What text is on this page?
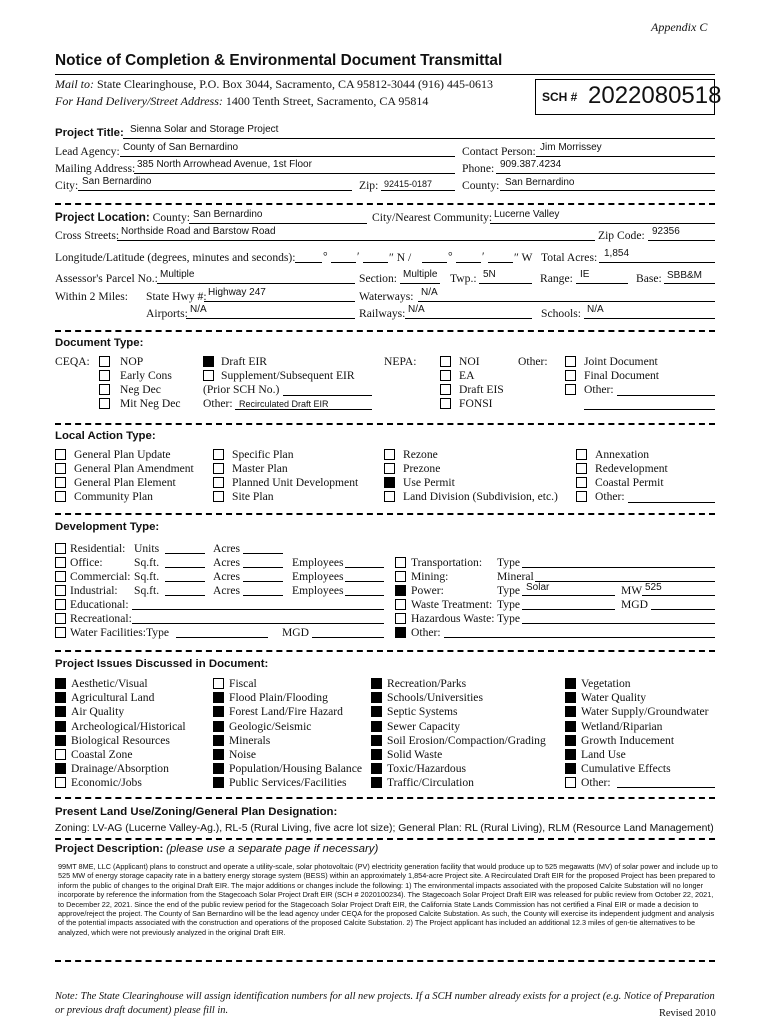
Appendix C
Notice of Completion & Environmental Document Transmittal
Mail to: State Clearinghouse, P.O. Box 3044, Sacramento, CA 95812-3044 (916) 445-0613
For Hand Delivery/Street Address: 1400 Tenth Street, Sacramento, CA 95814	SCH # 2022080518
Project Title: Sienna Solar and Storage Project
Lead Agency: County of San Bernardino	Contact Person: Jim Morrissey
Mailing Address: 385 North Arrowhead Avenue, 1st Floor	Phone: 909.387.4234
City: San Bernardino	Zip: 92415-0187	County: San Bernardino
Project Location: County: San Bernardino	City/Nearest Community: Lucerne Valley
Cross Streets: Northside Road and Barstow Road	Zip Code: 92356
Longitude/Latitude (degrees, minutes and seconds): °	′	″ N /	°	′	″ W Total Acres: 1,854
Assessor's Parcel No.: Multiple	Section: Multiple Twp.: 5N	Range: IE	Base: SBB&M
Within 2 Miles: State Hwy #: Highway 247	Waterways: N/A
Airports: N/A	Railways: N/A	Schools: N/A
Document Type:
CEQA:	NOP
Early Cons
Neg Dec
Mit Neg Dec
Draft EIR
Supplement/Subsequent EIR
(Prior SCH No.)
Other: Recirculated Draft EIR
NEPA:	NOI
EA
Draft EIS
FONSI
Other:	Joint Document
Final Document
Other:
Local Action Type:
General Plan Update
General Plan Amendment
General Plan Element
Community Plan
Specific Plan
Master Plan
Planned Unit Development
Site Plan
Rezone
Prezone
Use Permit
Land Division (Subdivision, etc.)
Annexation
Redevelopment
Coastal Permit
Other:
Development Type:
Residential: Units	Acres
Office:	Sq.ft.	Acres	Employees
Commercial: Sq.ft.	Acres	Employees
Industrial: Sq.ft.	Acres	Employees
Educational:
Recreational:
Water Facilities:Type	MGD
Transportation: Type
Mining:	Mineral
Power:	Type Solar	MW 525
Waste Treatment: Type	MGD
Hazardous Waste: Type
Other:
Project Issues Discussed in Document:
Aesthetic/Visual
Agricultural Land
Air Quality
Archeological/Historical
Biological Resources
Coastal Zone
Drainage/Absorption
Economic/Jobs
Fiscal
Flood Plain/Flooding
Forest Land/Fire Hazard
Geologic/Seismic
Minerals
Noise
Population/Housing Balance
Public Services/Facilities
Recreation/Parks
Schools/Universities
Septic Systems
Sewer Capacity
Soil Erosion/Compaction/Grading
Solid Waste
Toxic/Hazardous
Traffic/Circulation
Vegetation
Water Quality
Water Supply/Groundwater
Wetland/Riparian
Growth Inducement
Land Use
Cumulative Effects
Other:
Present Land Use/Zoning/General Plan Designation:
Zoning: LV-AG (Lucerne Valley-Ag.), RL-5 (Rural Living, five acre lot size); General Plan: RL (Rural Living), RLM (Resource Land Management)
Project Description: (please use a separate page if necessary)
99MT 8ME, LLC (Applicant) plans to construct and operate a utility-scale, solar photovoltaic (PV) electricity generation facility that would produce up to 525 megawatts (MV) of solar power and include up to 525 MW of energy storage capacity rate in a battery energy storage system (BESS) within an approximately 1,854-acre Project site. A Recirculated Draft EIR for the proposed Project has been prepared to inform the public of changes to the original Draft EIR. The major additions or changes include the following: 1) The environmental impacts associated with the proposed Calcite Substation will no longer incorporate by reference the information from the Stagecoach Solar Project Draft EIR (SCH # 2020100234). The Stagecoach Solar Project Draft EIR was released for public review from October 22, 2021, to December 22, 2021. Since the end of the public review period for the Stagecoach Solar Project Draft EIR, the California State Lands Commission has not certified a Final EIR or made a decision to approve/reject the project. The County of San Bernardino will be the lead agency under CEQA for the proposed Calcite Substation. As such, the County will exercise its independent judgment and analysis of the potential impacts associated with the construction and operations of the proposed Calcite Substation. 2) The Project applicant has included an additional 12.3 miles of gen-tie alternatives to be analyzed, which were not previously analyzed in the original Draft EIR.
Note: The State Clearinghouse will assign identification numbers for all new projects. If a SCH number already exists for a project (e.g. Notice of Preparation or previous draft document) please fill in.	Revised 2010
